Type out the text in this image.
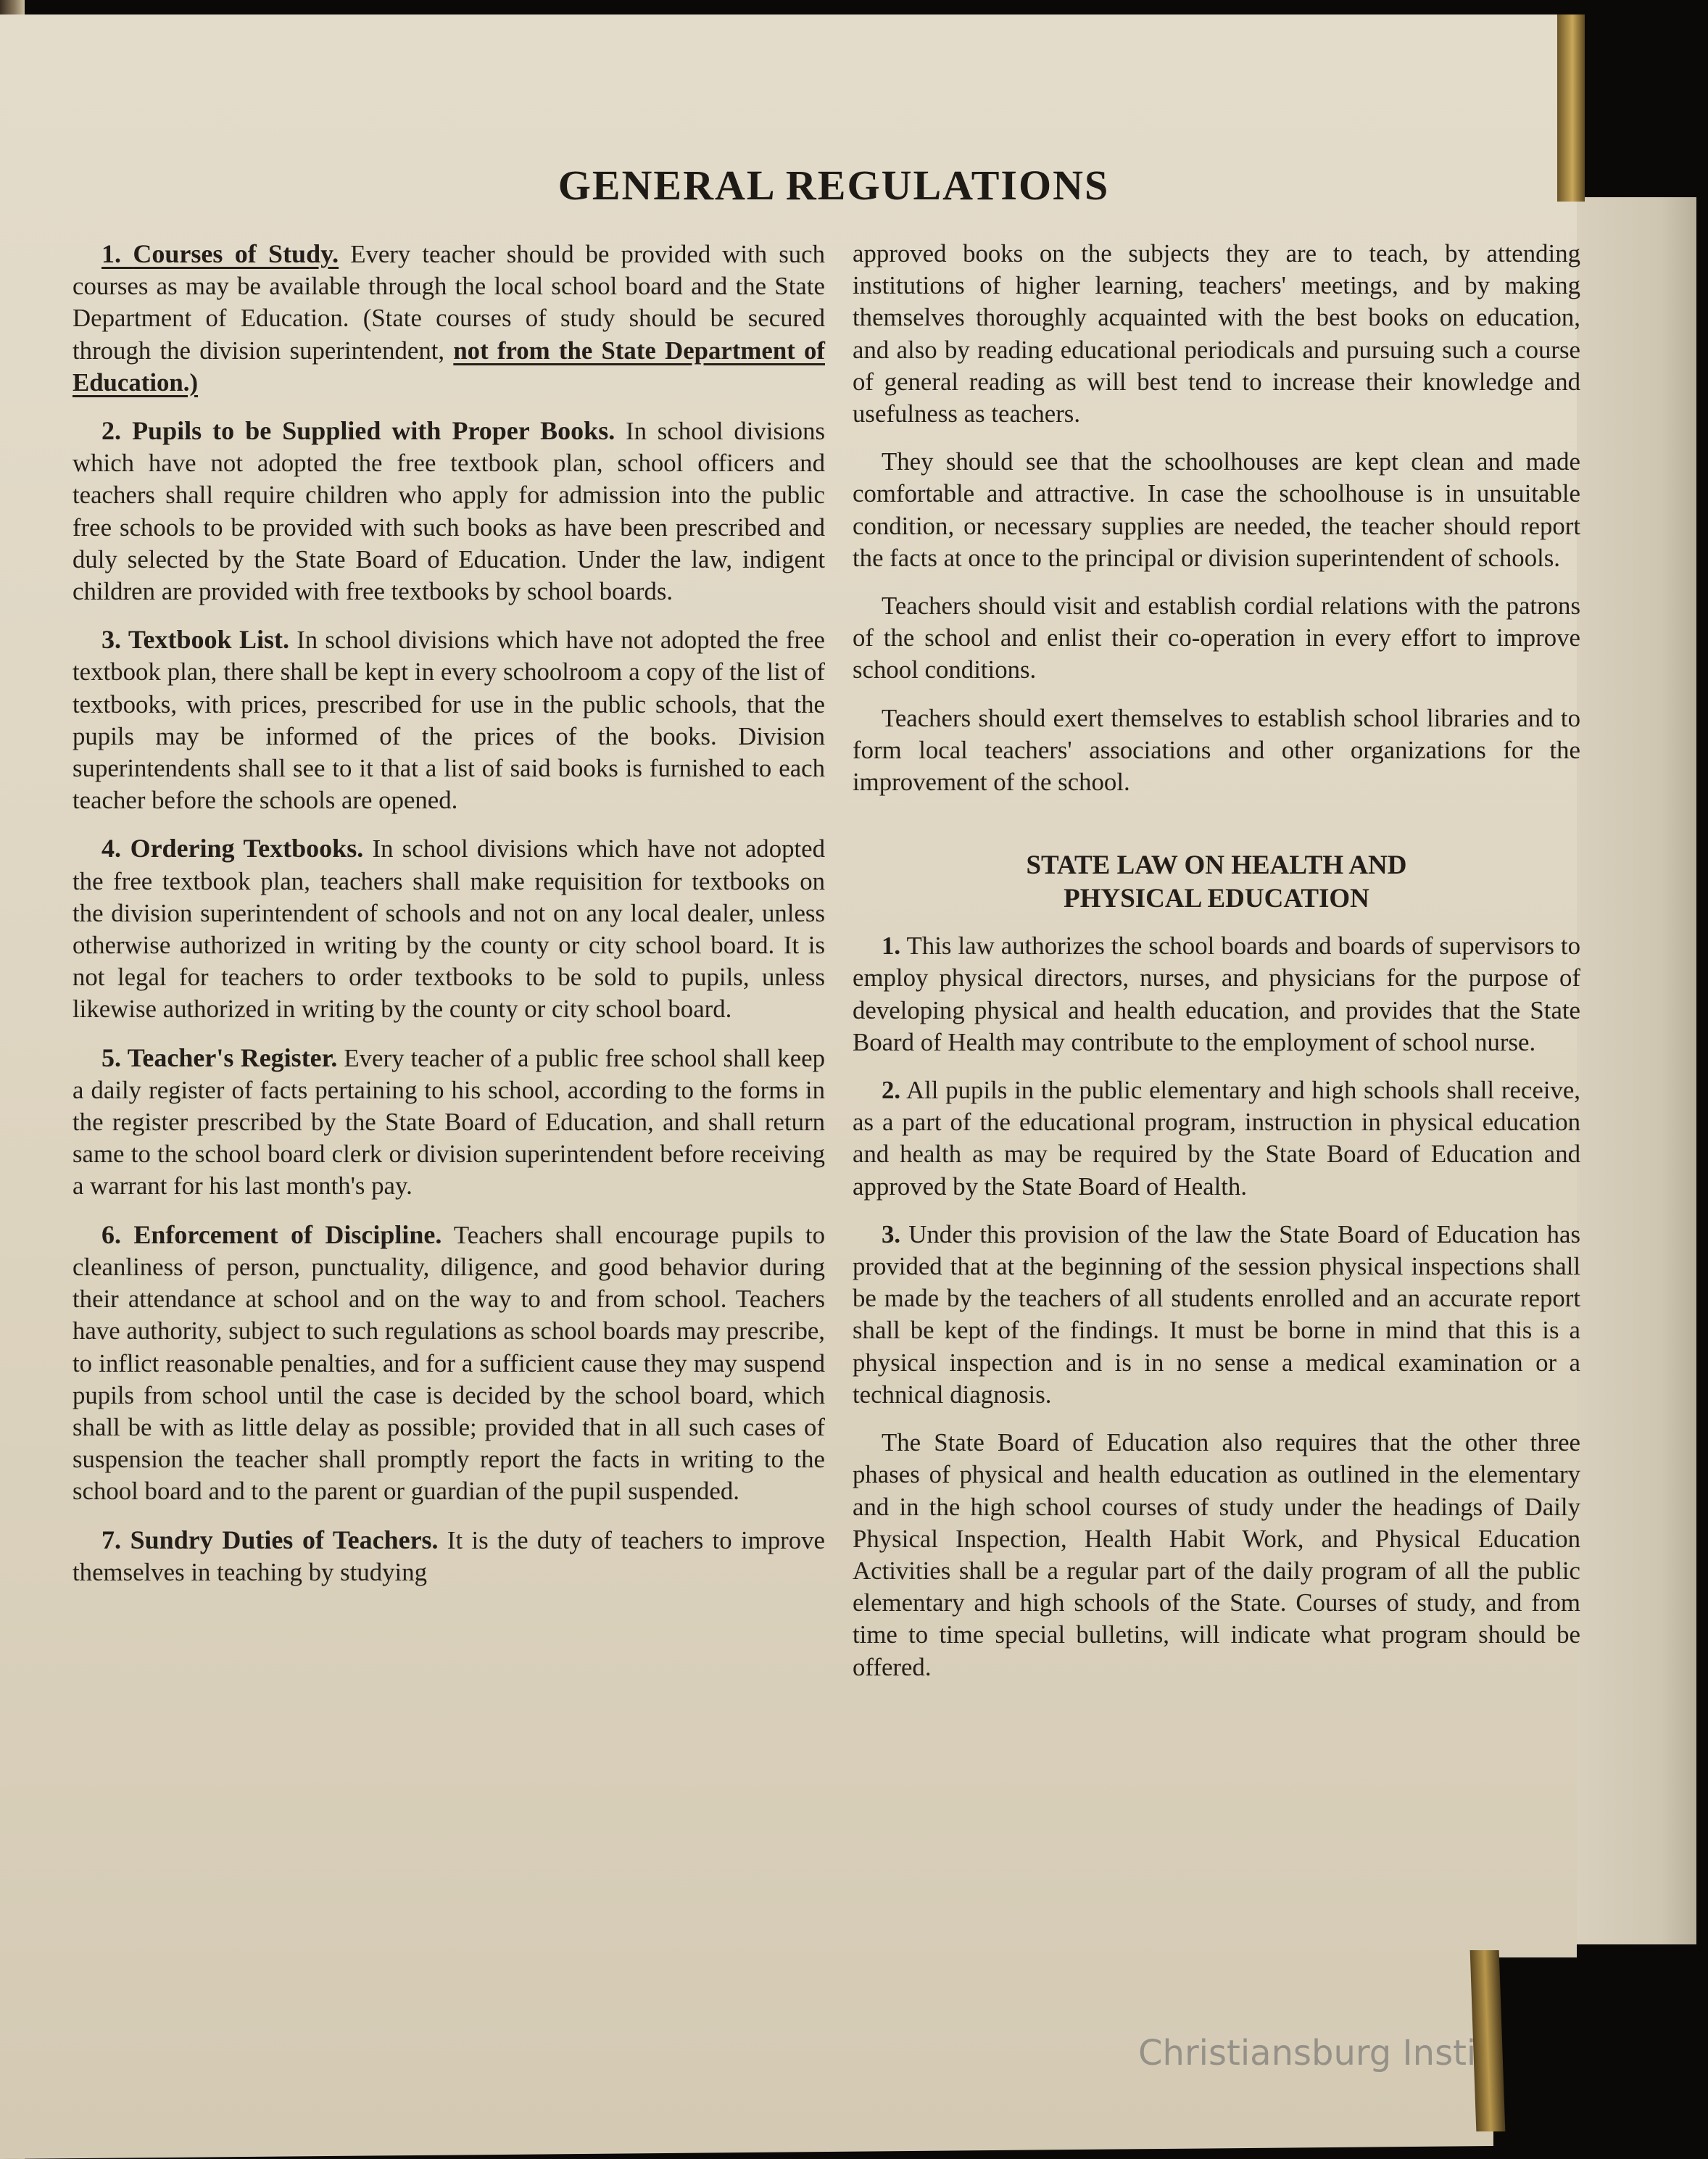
GENERAL REGULATIONS

1. Courses of Study. Every teacher should be provided with such courses as may be available through the local school board and the State Department of Education. (State courses of study should be secured through the division superintendent, not from the State Department of Education.)

2. Pupils to be Supplied with Proper Books. In school divisions which have not adopted the free textbook plan, school officers and teachers shall require children who apply for admission into the public free schools to be provided with such books as have been prescribed and duly selected by the State Board of Education. Under the law, indigent children are provided with free textbooks by school boards.

3. Textbook List. In school divisions which have not adopted the free textbook plan, there shall be kept in every schoolroom a copy of the list of textbooks, with prices, prescribed for use in the public schools, that the pupils may be informed of the prices of the books. Division superintendents shall see to it that a list of said books is furnished to each teacher before the schools are opened.

4. Ordering Textbooks. In school divisions which have not adopted the free textbook plan, teachers shall make requisition for textbooks on the division superintendent of schools and not on any local dealer, unless otherwise authorized in writing by the county or city school board. It is not legal for teachers to order textbooks to be sold to pupils, unless likewise authorized in writing by the county or city school board.

5. Teacher's Register. Every teacher of a public free school shall keep a daily register of facts pertaining to his school, according to the forms in the register prescribed by the State Board of Education, and shall return same to the school board clerk or division superintendent before receiving a warrant for his last month's pay.

6. Enforcement of Discipline. Teachers shall encourage pupils to cleanliness of person, punctuality, diligence, and good behavior during their attendance at school and on the way to and from school. Teachers have authority, subject to such regulations as school boards may prescribe, to inflict reasonable penalties, and for a sufficient cause they may suspend pupils from school until the case is decided by the school board, which shall be with as little delay as possible; provided that in all such cases of suspension the teacher shall promptly report the facts in writing to the school board and to the parent or guardian of the pupil suspended.

7. Sundry Duties of Teachers. It is the duty of teachers to improve themselves in teaching by studying

approved books on the subjects they are to teach, by attending institutions of higher learning, teachers' meetings, and by making themselves thoroughly acquainted with the best books on education, and also by reading educational periodicals and pursuing such a course of general reading as will best tend to increase their knowledge and usefulness as teachers.

They should see that the schoolhouses are kept clean and made comfortable and attractive. In case the schoolhouse is in unsuitable condition, or necessary supplies are needed, the teacher should report the facts at once to the principal or division superintendent of schools.

Teachers should visit and establish cordial relations with the patrons of the school and enlist their co-operation in every effort to improve school conditions.

Teachers should exert themselves to establish school libraries and to form local teachers' associations and other organizations for the improvement of the school.

STATE LAW ON HEALTH AND
PHYSICAL EDUCATION

1. This law authorizes the school boards and boards of supervisors to employ physical directors, nurses, and physicians for the purpose of developing physical and health education, and provides that the State Board of Health may contribute to the employment of school nurse.

2. All pupils in the public elementary and high schools shall receive, as a part of the educational program, instruction in physical education and health as may be required by the State Board of Education and approved by the State Board of Health.

3. Under this provision of the law the State Board of Education has provided that at the beginning of the session physical inspections shall be made by the teachers of all students enrolled and an accurate report shall be kept of the findings. It must be borne in mind that this is a physical inspection and is in no sense a medical examination or a technical diagnosis.

The State Board of Education also requires that the other three phases of physical and health education as outlined in the elementary and in the high school courses of study under the headings of Daily Physical Inspection, Health Habit Work, and Physical Education Activities shall be a regular part of the daily program of all the public elementary and high schools of the State. Courses of study, and from time to time special bulletins, will indicate what program should be offered.

Christiansburg Insti
